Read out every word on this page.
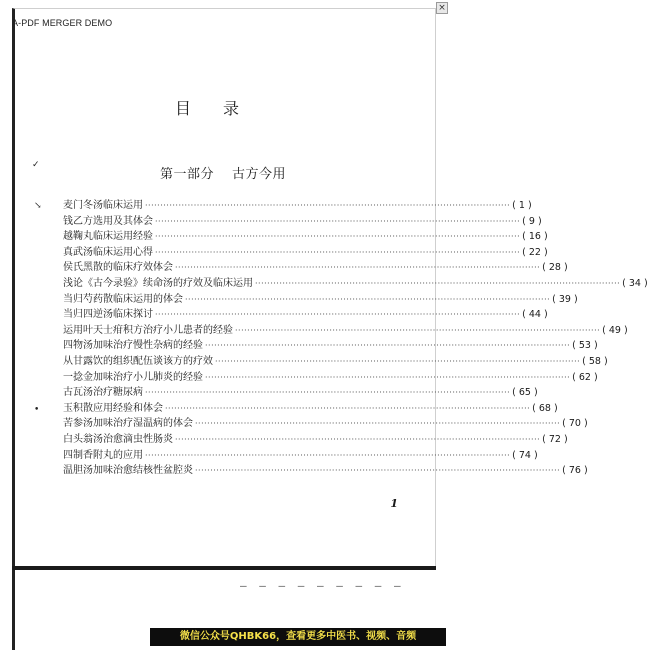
×
A-PDF MERGER DEMO
目录
✓
↘
•
第一部分 古方今用
麦门冬汤临床运用 ························································································································ ( 1 )
钱乙方选用及其体会 ························································································································ ( 9 )
越鞠丸临床运用经验 ························································································································ ( 16 )
真武汤临床运用心得 ························································································································ ( 22 )
侯氏黑散的临床疗效体会 ························································································································ ( 28 )
浅论《古今录验》续命汤的疗效及临床运用 ························································································································ ( 34 )
当归芍药散临床运用的体会 ························································································································ ( 39 )
当归四逆汤临床探讨 ························································································································ ( 44 )
运用叶天士疳积方治疗小儿患者的经验 ························································································································ ( 49 )
四物汤加味治疗慢性杂病的经验 ························································································································ ( 53 )
从甘露饮的组织配伍谈该方的疗效 ························································································································ ( 58 )
一捻金加味治疗小儿肺炎的经验 ························································································································ ( 62 )
古瓦汤治疗糖尿病 ························································································································ ( 65 )
玉积散应用经验和体会 ························································································································ ( 68 )
苦参汤加味治疗湿温病的体会 ························································································································ ( 70 )
白头翁汤治愈滴虫性肠炎 ························································································································ ( 72 )
四制香附丸的应用 ························································································································ ( 74 )
温胆汤加味治愈结核性盆腔炎 ························································································································ ( 76 )
1
— — — — — — — — —
微信公众号QHBK66，查看更多中医书、视频、音频
